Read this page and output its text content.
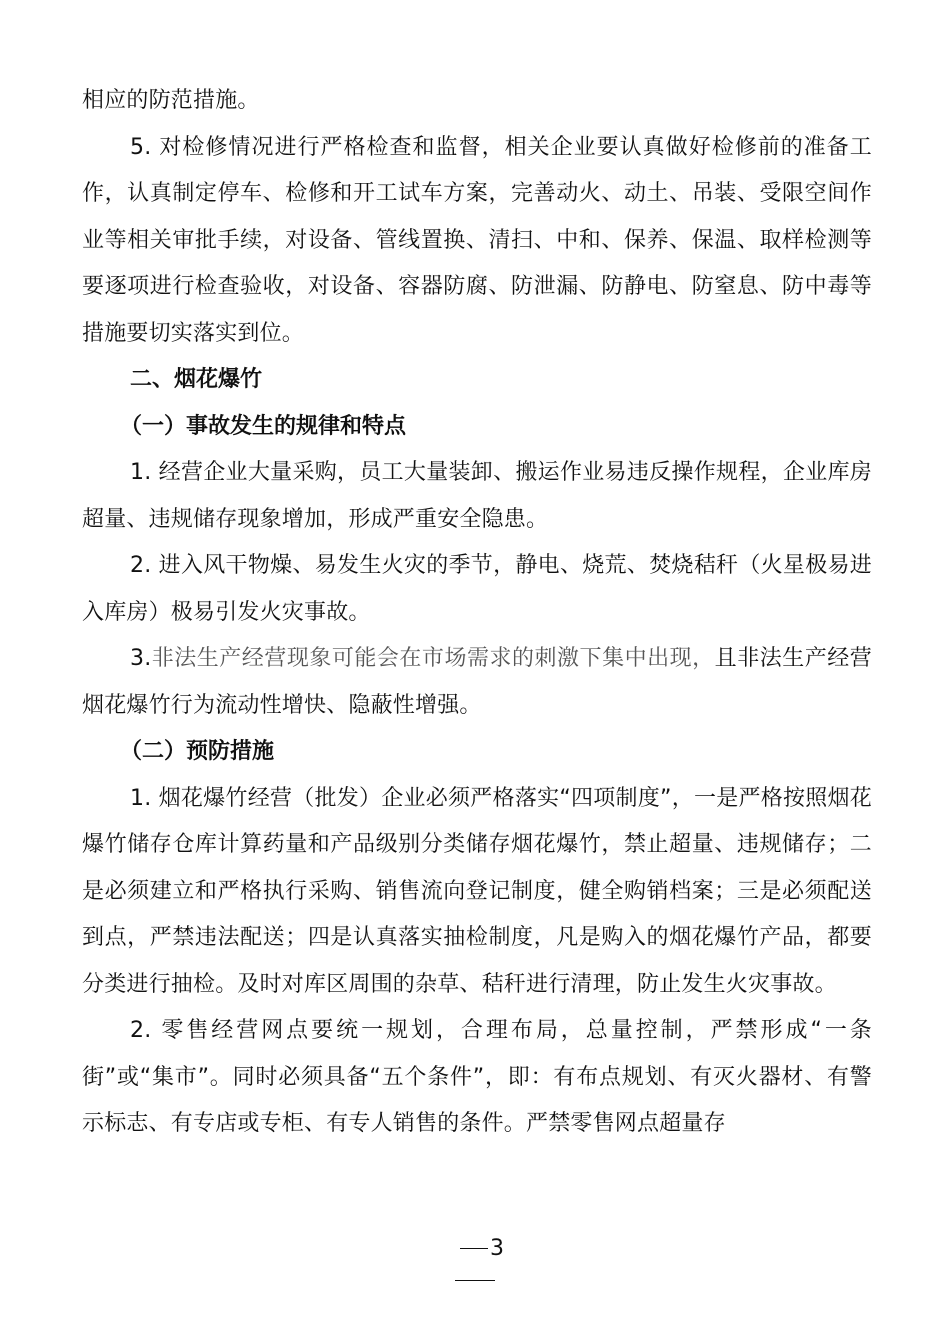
相应的防范措施。

5. 对检修情况进行严格检查和监督，相关企业要认真做好检修前的准备工作，认真制定停车、检修和开工试车方案，完善动火、动土、吊装、受限空间作业等相关审批手续，对设备、管线置换、清扫、中和、保养、保温、取样检测等要逐项进行检查验收，对设备、容器防腐、防泄漏、防静电、防窒息、防中毒等措施要切实落实到位。

二、烟花爆竹

（一）事故发生的规律和特点

1. 经营企业大量采购，员工大量装卸、搬运作业易违反操作规程，企业库房超量、违规储存现象增加，形成严重安全隐患。

2. 进入风干物燥、易发生火灾的季节，静电、烧荒、焚烧秸秆（火星极易进入库房）极易引发火灾事故。

3.非法生产经营现象可能会在市场需求的刺激下集中出现，且非法生产经营烟花爆竹行为流动性增快、隐蔽性增强。

（二）预防措施

1. 烟花爆竹经营（批发）企业必须严格落实“四项制度”，一是严格按照烟花爆竹储存仓库计算药量和产品级别分类储存烟花爆竹，禁止超量、违规储存；二是必须建立和严格执行采购、销售流向登记制度，健全购销档案；三是必须配送到点，严禁违法配送；四是认真落实抽检制度，凡是购入的烟花爆竹产品，都要分类进行抽检。及时对库区周围的杂草、秸秆进行清理，防止发生火灾事故。

2. 零售经营网点要统一规划，合理布局，总量控制，严禁形成“一条街”或“集市”。同时必须具备“五个条件”，即：有布点规划、有灭火器材、有警示标志、有专店或专柜、有专人销售的条件。严禁零售网点超量存

3
